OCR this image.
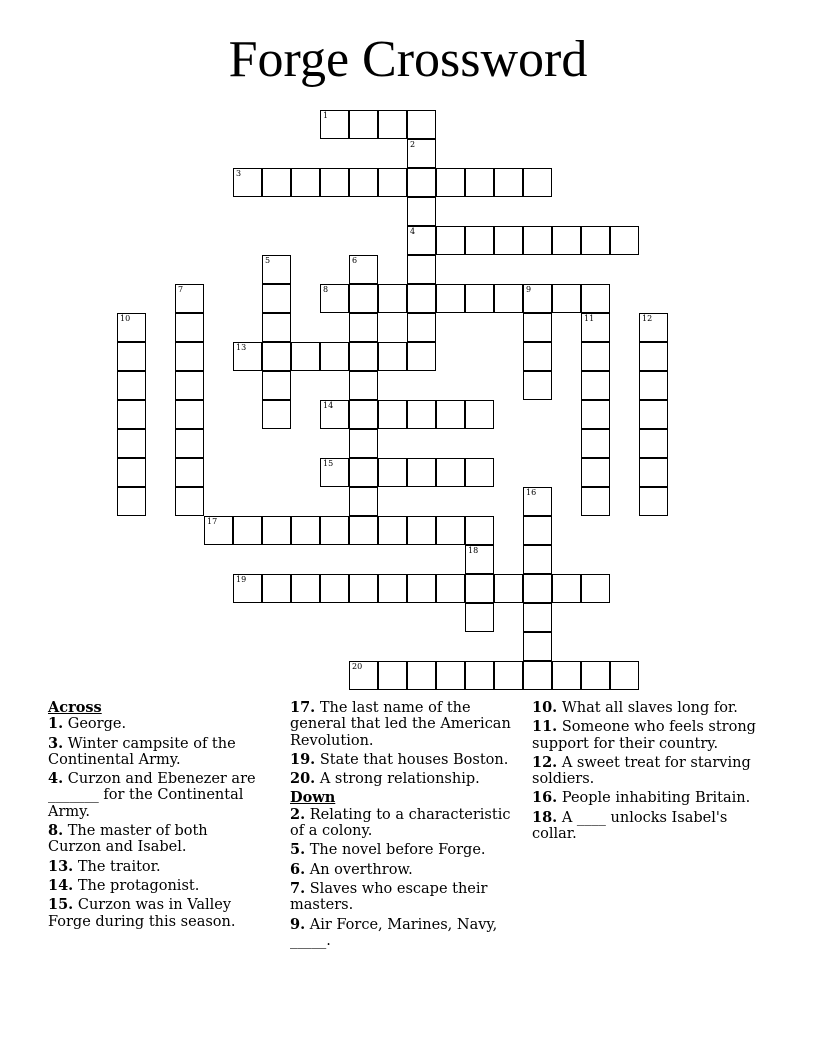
Forge Crossword
1
2
4
3
5	6
7	8	9
10	11	12
13
14
15
16
17
18
19
20
Across
1. George.
3. Winter campsite of the Continental Army.
4. Curzon and Ebenezer are _______ for the Continental Army.
8. The master of both Curzon and Isabel.
13. The traitor.
14. The protagonist.
15. Curzon was in Valley Forge during this season.
17. The last name of the general that led the American Revolution.
19. State that houses Boston.
20. A strong relationship.
Down
2. Relating to a characteristic of a colony.
5. The novel before Forge.
6. An overthrow.
7. Slaves who escape their masters.
9. Air Force, Marines, Navy, _____.
10. What all slaves long for.
11. Someone who feels strong support for their country.
12. A sweet treat for starving soldiers.
16. People inhabiting Britain.
18. A ____ unlocks Isabel's collar.
